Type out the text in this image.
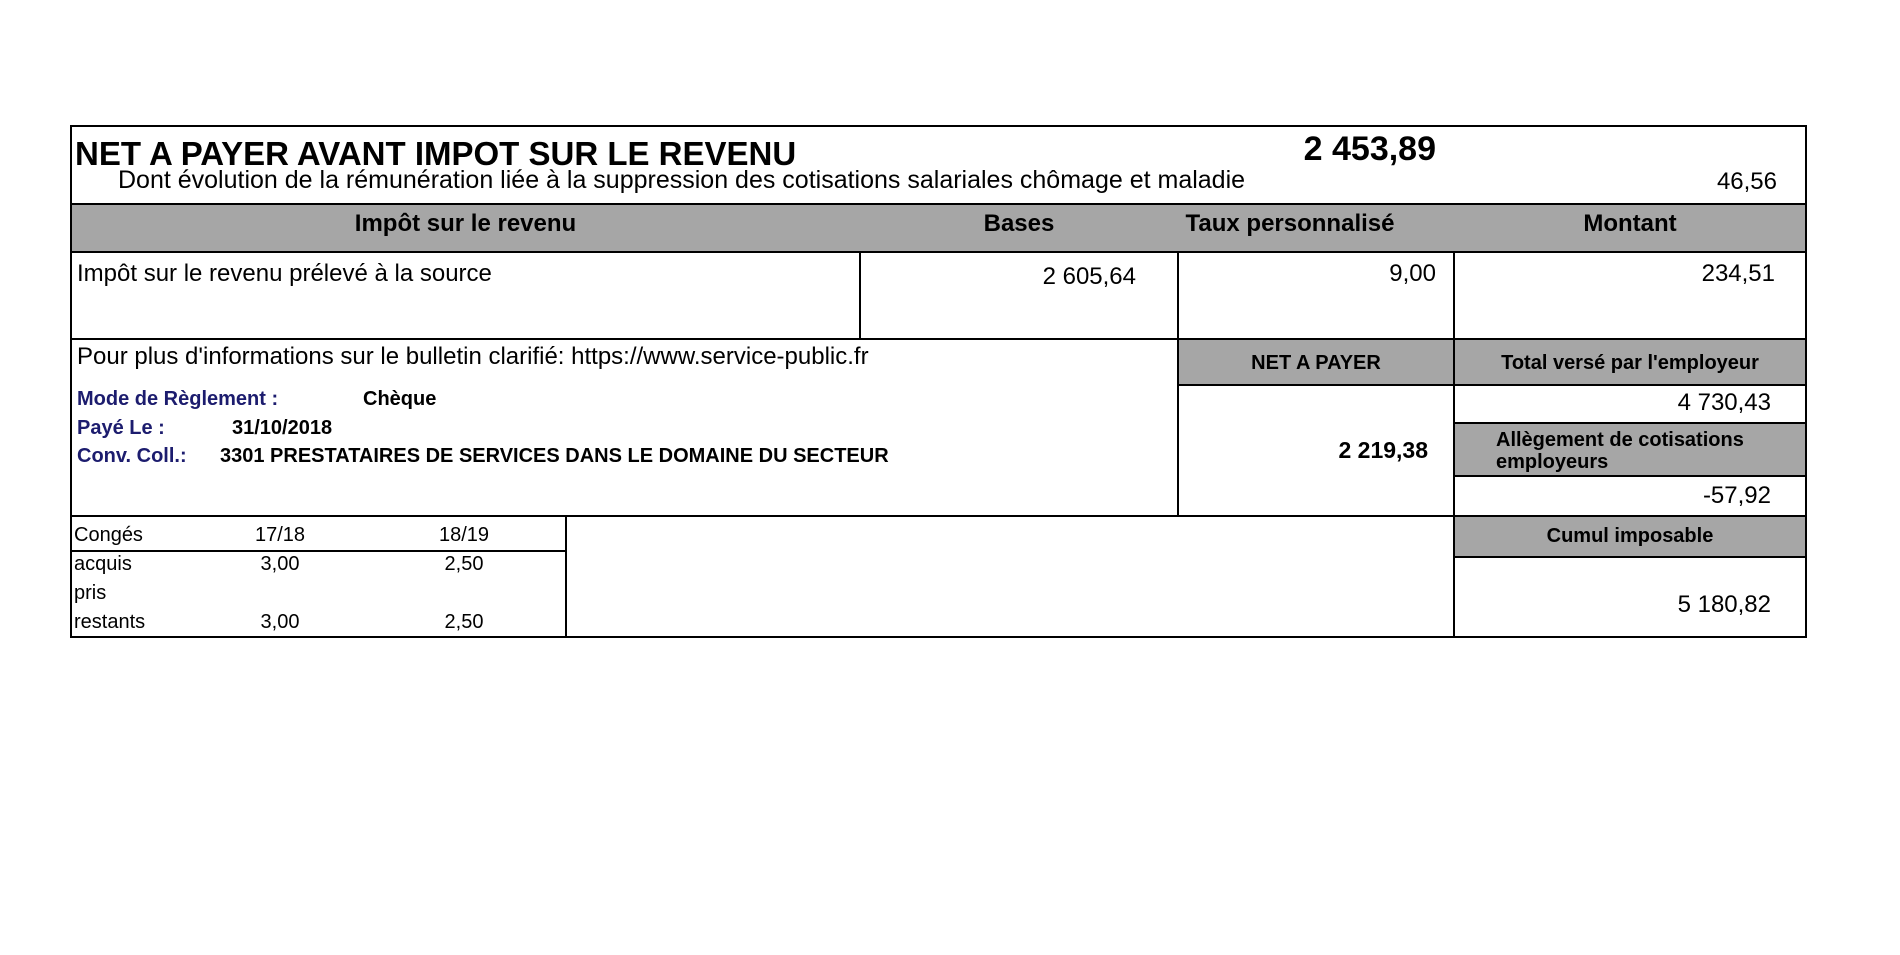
NET A PAYER AVANT IMPOT SUR LE REVENU	2 453,89
Dont évolution de la rémunération liée à la suppression des cotisations salariales chômage et maladie	46,56
Impôt sur le revenu	Bases	Taux personnalisé	Montant
Impôt sur le revenu prélevé à la source	2 605,64	9,00	234,51
Pour plus d'informations sur le bulletin clarifié: https://www.service-public.fr
Mode de Règlement :	Chèque
Payé Le :	31/10/2018
Conv. Coll.: 3301 PRESTATAIRES DE SERVICES DANS LE DOMAINE DU SECTEUR
NET A PAYER
2 219,38
Total versé par l'employeur
4 730,43
Allègement de cotisations
employeurs
-57,92
Cumul imposable
5 180,82
Congés	17/18	18/19
acquis	3,00	2,50
pris
restants	3,00	2,50
